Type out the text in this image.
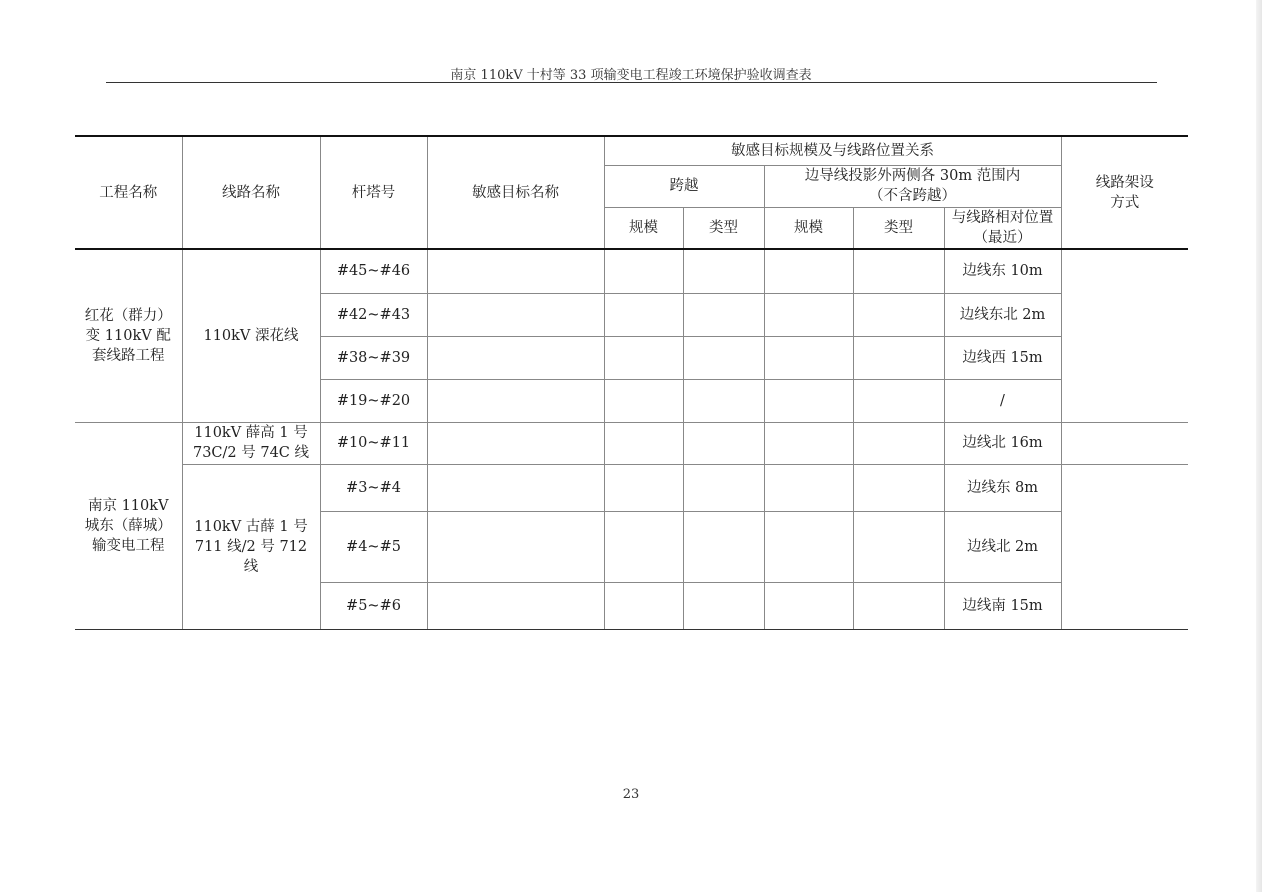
南京 110kV 十村等 33 项输变电工程竣工环境保护验收调查表
工程名称	线路名称	杆塔号	敏感目标名称	敏感目标规模及与线路位置关系					线路架设
方式

				跨越		边导线投影外两侧各 30m 范围内
（不含跨越）			

				规模	类型	规模	类型	与线路相对位置
（最近）	

红花（群力）
变 110kV 配
套线路工程	110kV 溧花线	#45~#46						边线东 10m	
		#42~#43						边线东北 2m	
		#38~#39						边线西 15m	
		#19~#20						/	

南京 110kV
城东（薛城）
输变电工程	110kV 薛高 1 号
73C/2 号 74C 线	#10~#11						边线北 16m	

	110kV 古薛 1 号
711 线/2 号 712 线	#3~#4						边线东 8m	
		#4~#5						边线北 2m	
		#5~#6						边线南 15m	
23
